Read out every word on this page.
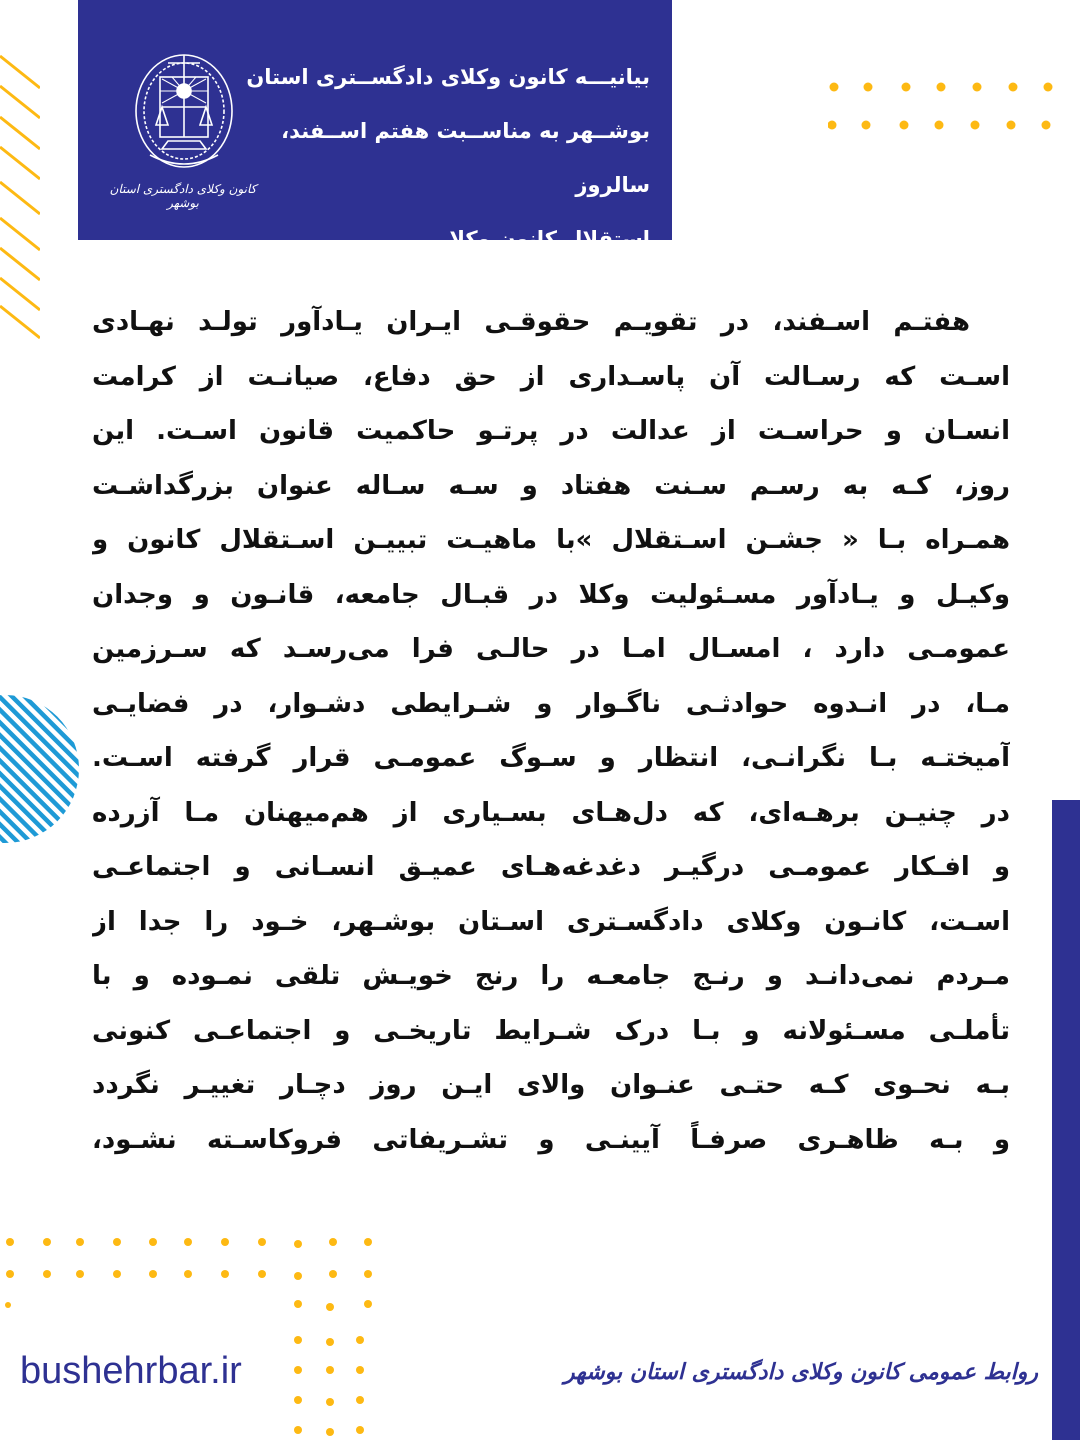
کانون وکلای دادگستری استان بوشهر
بیانیـــه کانون وکلای دادگســتری استان
بوشــهر به مناســبت هفتم اســفند، سالروز
استقلال کانون وکلا
هفتـم اسـفند، در تقویـم حقوقـی ایـران یـادآور تولـد نهـادی
اسـت که رسـالت آن پاسـداری از حق دفاع، صیانـت از کرامت
انسـان و حراسـت از عدالت در پرتـو حاکمیت قانون اسـت. این
روز، کـه به رسـم سـنت هفتاد و سـه سـاله عنوان بزرگداشـت
همـراه بـا « جشـن اسـتقلال »با ماهیـت تبییـن اسـتقلال کانون و
وکیـل و یـادآور مسـئولیت وکلا در قبـال جامعه، قانـون و وجدان
عمومـی دارد ، امسـال امـا در حالـی فرا می‌رسـد که سـرزمین
مـا، در انـدوه حوادثـی ناگـوار و شـرایطی دشـوار، در فضایـی
آمیختـه بـا نگرانـی، انتظار و سـوگ عمومـی قرار گرفته اسـت.
در چنیـن برهـه‌ای، که دل‌هـای بسـیاری از هم‌میهنان مـا آزرده
و افـکار عمومـی درگیـر دغدغه‌هـای عمیـق انسـانی و اجتماعـی
اسـت، کانـون وکلای دادگسـتری اسـتان بوشـهر، خـود را جدا از
مـردم نمی‌دانـد و رنـج جامعـه را رنج خویـش تلقی نمـوده و با
تأملـی مسـئولانه و بـا درک شـرایط تاریخـی و اجتماعـی کنونی
بـه نحـوی کـه حتـی عنـوان والای ایـن روز دچـار تغییـر نگردد
و بـه ظاهـری صرفـاً آیینـی و تشـریفاتی فروکاسـته نشـود،
bushehrbar.ir	روابط عمومی کانون وکلای دادگستری استان بوشهر
